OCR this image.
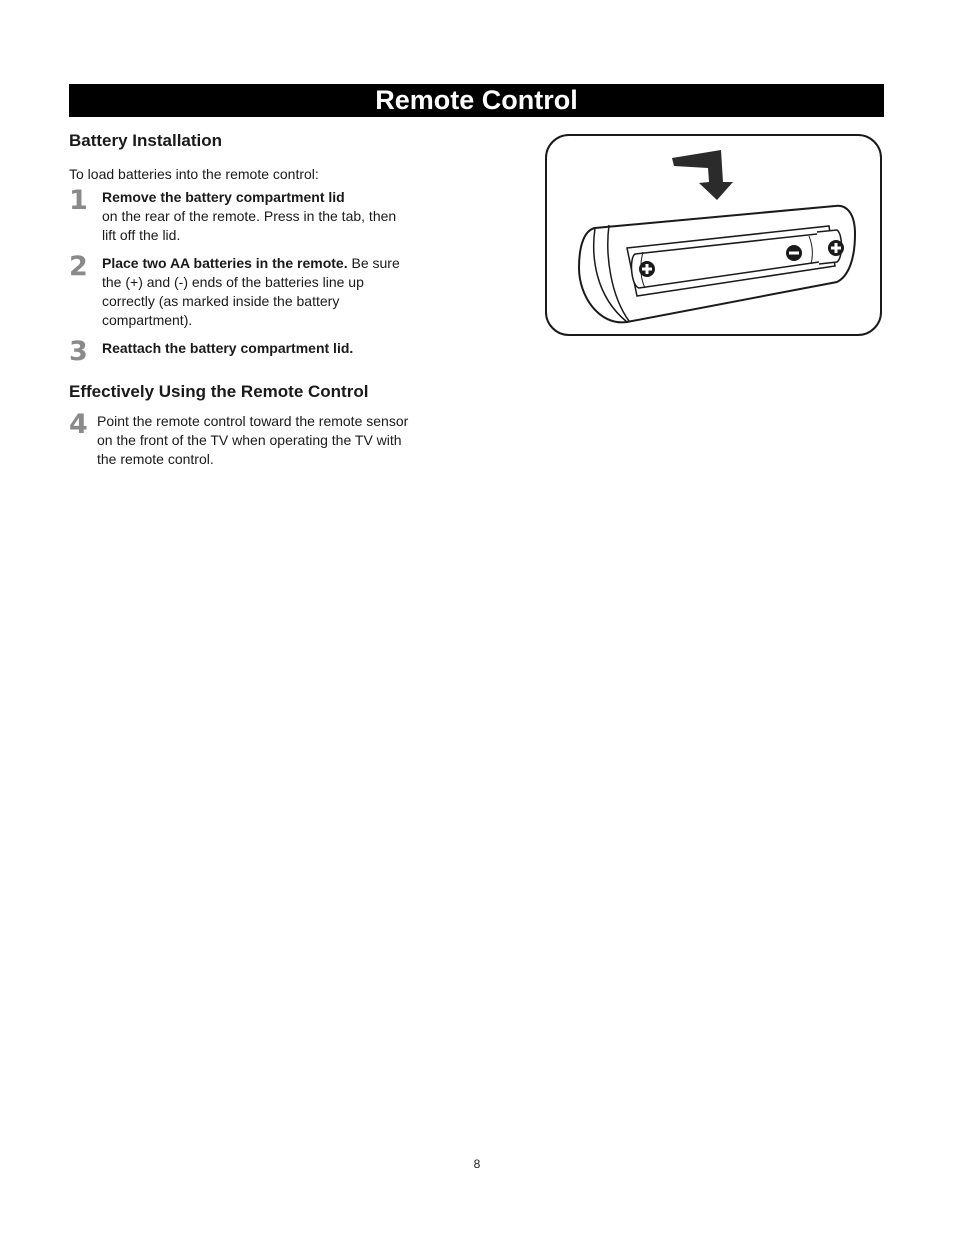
Remote Control
Battery Installation

To load batteries into the remote control:

1 Remove the battery compartment lid
on the rear of the remote. Press in the tab, then lift off the lid.
2 Place two AA batteries in the remote. Be sure the (+) and (-) ends of the batteries line up correctly (as marked inside the battery compartment).
3 Reattach the battery compartment lid.
Effectively Using the Remote Control
4 Point the remote control toward the remote sensor on the front of the TV when operating the TV with the remote control.
8
